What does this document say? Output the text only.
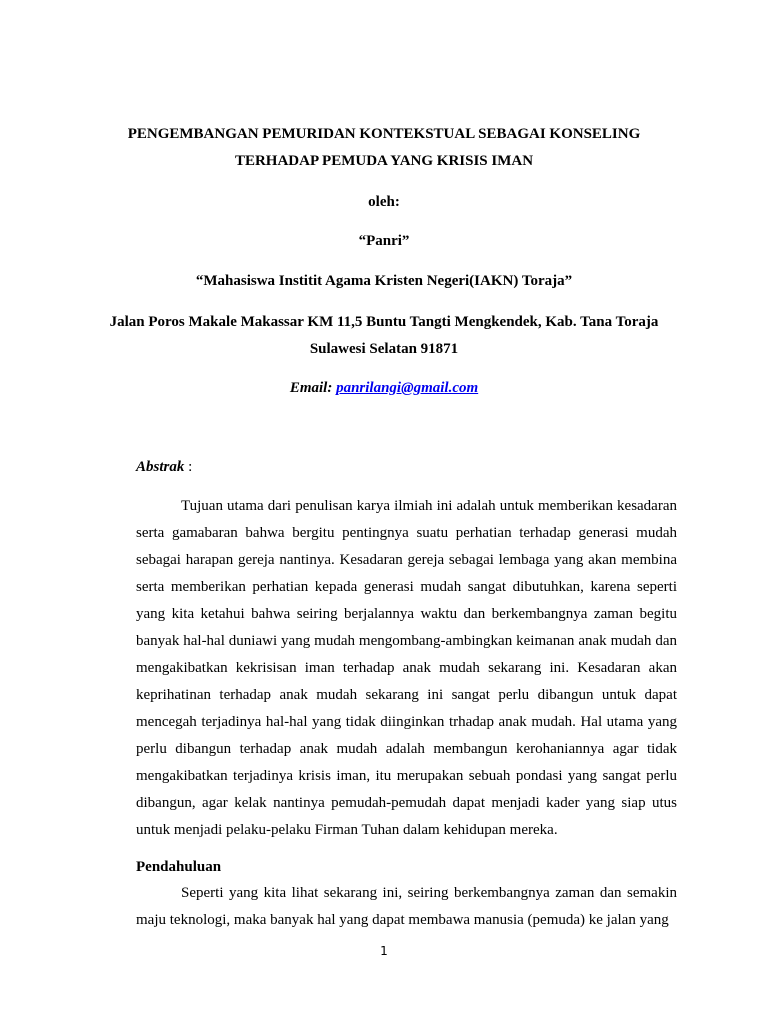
PENGEMBANGAN PEMURIDAN KONTEKSTUAL SEBAGAI KONSELING
TERHADAP PEMUDA YANG KRISIS IMAN
oleh:
“Panri”
“Mahasiswa Institit Agama Kristen Negeri(IAKN) Toraja”
Jalan Poros Makale Makassar KM 11,5 Buntu Tangti Mengkendek, Kab. Tana Toraja
Sulawesi Selatan 91871
Email: panrilangi@gmail.com
Abstrak :

Tujuan utama dari penulisan karya ilmiah ini adalah untuk memberikan kesadaran serta gamabaran bahwa bergitu pentingnya suatu perhatian terhadap generasi mudah sebagai harapan gereja nantinya. Kesadaran gereja sebagai lembaga yang akan membina serta memberikan perhatian kepada generasi mudah sangat dibutuhkan, karena seperti yang kita ketahui bahwa seiring berjalannya waktu dan berkembangnya zaman begitu banyak hal-hal duniawi yang mudah mengombang-ambingkan keimanan anak mudah dan mengakibatkan kekrisisan iman terhadap anak mudah sekarang ini. Kesadaran akan keprihatinan terhadap anak mudah sekarang ini sangat perlu dibangun untuk dapat mencegah terjadinya hal-hal yang tidak diinginkan trhadap anak mudah. Hal utama yang perlu dibangun terhadap anak mudah adalah membangun kerohaniannya agar tidak mengakibatkan terjadinya krisis iman, itu merupakan sebuah pondasi yang sangat perlu dibangun, agar kelak nantinya pemudah-pemudah dapat menjadi kader yang siap utus untuk menjadi pelaku-pelaku Firman Tuhan dalam kehidupan mereka.

Pendahuluan

Seperti yang kita lihat sekarang ini, seiring berkembangnya zaman dan semakin maju teknologi, maka banyak hal yang dapat membawa manusia (pemuda) ke jalan yang

1
